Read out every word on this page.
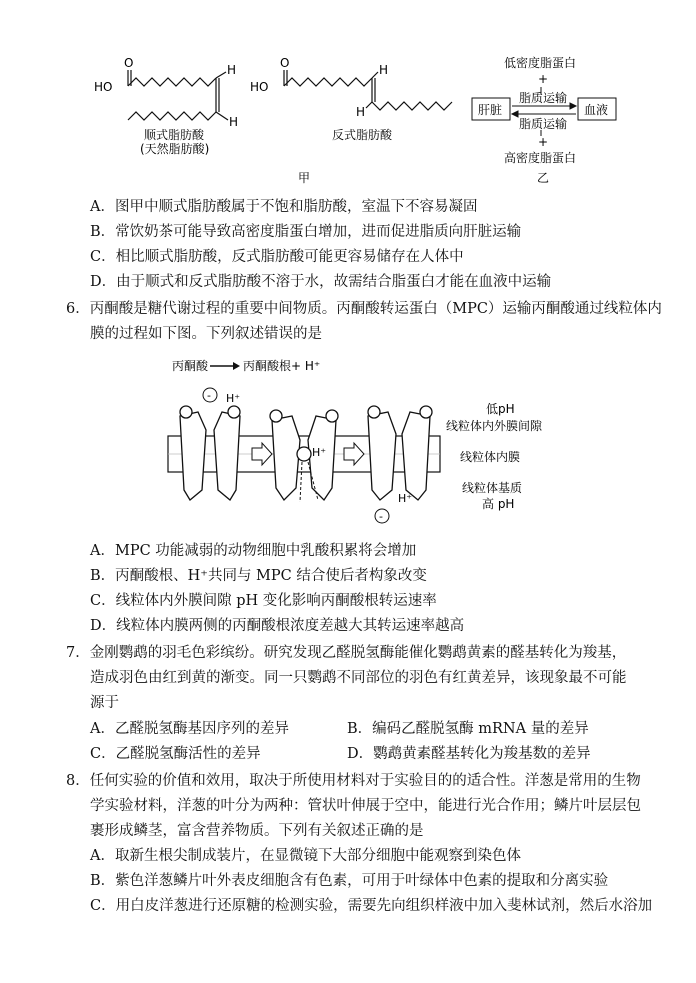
HO
O	H
H
顺式脂肪酸
(天然脂肪酸)
HO
O	H
H
反式脂肪酸
低密度脂蛋白
+
脂质运输
肝脏	血液
脂质运输
+
高密度脂蛋白
甲	乙
A．图甲中顺式脂肪酸属于不饱和脂肪酸，室温下不容易凝固
B．常饮奶茶可能导致高密度脂蛋白增加，进而促进脂质向肝脏运输
C．相比顺式脂肪酸，反式脂肪酸可能更容易储存在人体中
D．由于顺式和反式脂肪酸不溶于水，故需结合脂蛋白才能在血液中运输
6．丙酮酸是糖代谢过程的重要中间物质。丙酮酸转运蛋白（MPC）运输丙酮酸通过线粒体内
膜的过程如下图。下列叙述错误的是
丙酮酸	丙酮酸根+ H⁺
- H⁺
H⁺
H⁺
-
低pH
线粒体内外膜间隙
线粒体内膜
线粒体基质
高 pH
A．MPC 功能减弱的动物细胞中乳酸积累将会增加
B．丙酮酸根、H⁺共同与 MPC 结合使后者构象改变
C．线粒体内外膜间隙 pH 变化影响丙酮酸根转运速率
D．线粒体内膜两侧的丙酮酸根浓度差越大其转运速率越高
7．金刚鹦鹉的羽毛色彩缤纷。研究发现乙醛脱氢酶能催化鹦鹉黄素的醛基转化为羧基，
造成羽色由红到黄的渐变。同一只鹦鹉不同部位的羽色有红黄差异，该现象最不可能
源于
A．乙醛脱氢酶基因序列的差异	B．编码乙醛脱氢酶 mRNA 量的差异
C．乙醛脱氢酶活性的差异	D．鹦鹉黄素醛基转化为羧基数的差异
8．任何实验的价值和效用，取决于所使用材料对于实验目的的适合性。洋葱是常用的生物
学实验材料，洋葱的叶分为两种：管状叶伸展于空中，能进行光合作用；鳞片叶层层包
裹形成鳞茎，富含营养物质。下列有关叙述正确的是
A．取新生根尖制成装片，在显微镜下大部分细胞中能观察到染色体
B．紫色洋葱鳞片叶外表皮细胞含有色素，可用于叶绿体中色素的提取和分离实验
C．用白皮洋葱进行还原糖的检测实验，需要先向组织样液中加入斐林试剂，然后水浴加
